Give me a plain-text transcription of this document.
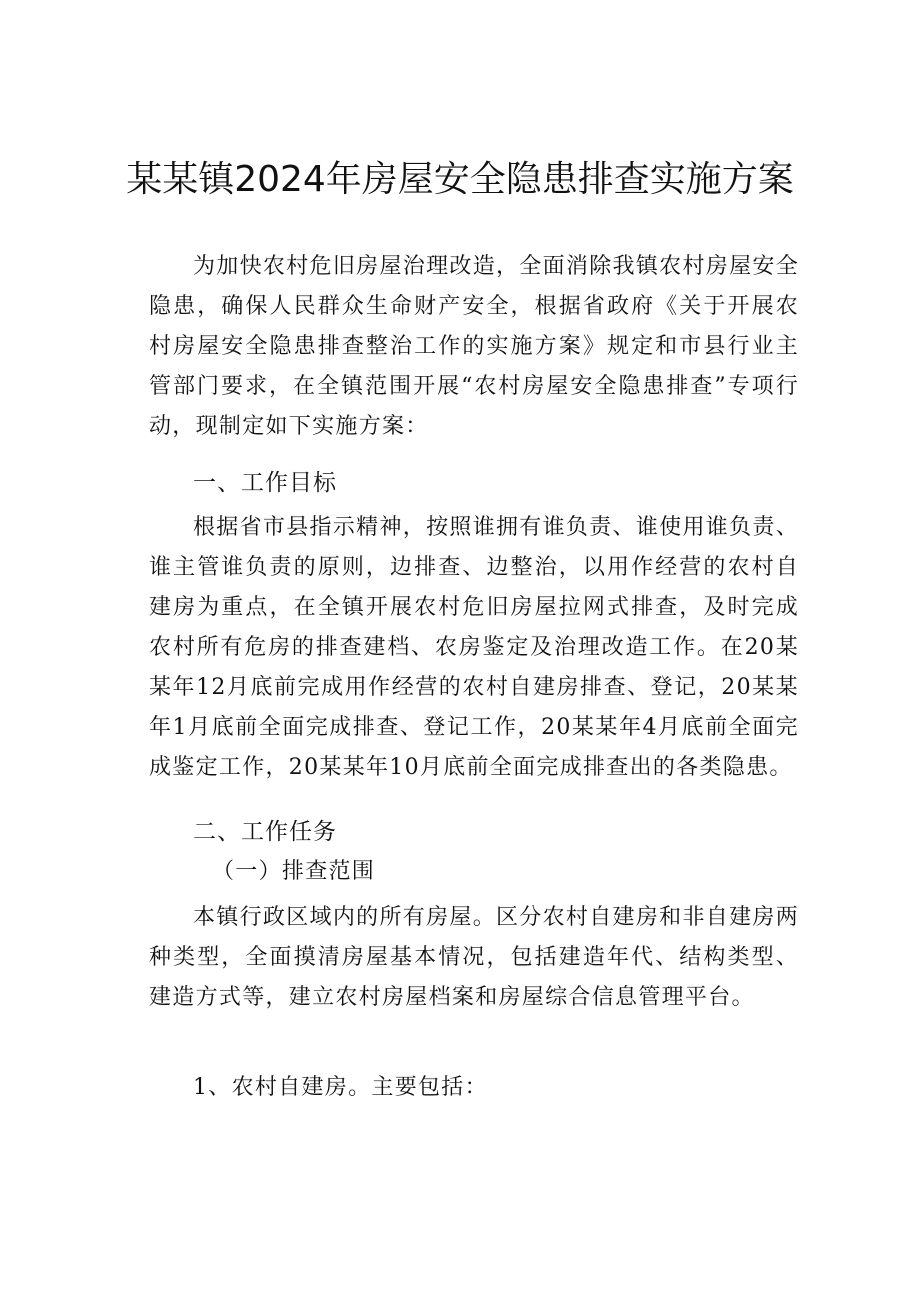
某某镇2024年房屋安全隐患排查实施方案

为加快农村危旧房屋治理改造，全面消除我镇农村房屋安全隐患，确保人民群众生命财产安全，根据省政府《关于开展农村房屋安全隐患排查整治工作的实施方案》规定和市县行业主管部门要求，在全镇范围开展“农村房屋安全隐患排查”专项行动，现制定如下实施方案：

一、工作目标

根据省市县指示精神，按照谁拥有谁负责、谁使用谁负责、谁主管谁负责的原则，边排查、边整治，以用作经营的农村自建房为重点，在全镇开展农村危旧房屋拉网式排查，及时完成农村所有危房的排查建档、农房鉴定及治理改造工作。在20某某年12月底前完成用作经营的农村自建房排查、登记，20某某年1月底前全面完成排查、登记工作，20某某年4月底前全面完成鉴定工作，20某某年10月底前全面完成排查出的各类隐患。

二、工作任务

（一）排查范围

本镇行政区域内的所有房屋。区分农村自建房和非自建房两种类型，全面摸清房屋基本情况，包括建造年代、结构类型、建造方式等，建立农村房屋档案和房屋综合信息管理平台。

1、农村自建房。主要包括：
